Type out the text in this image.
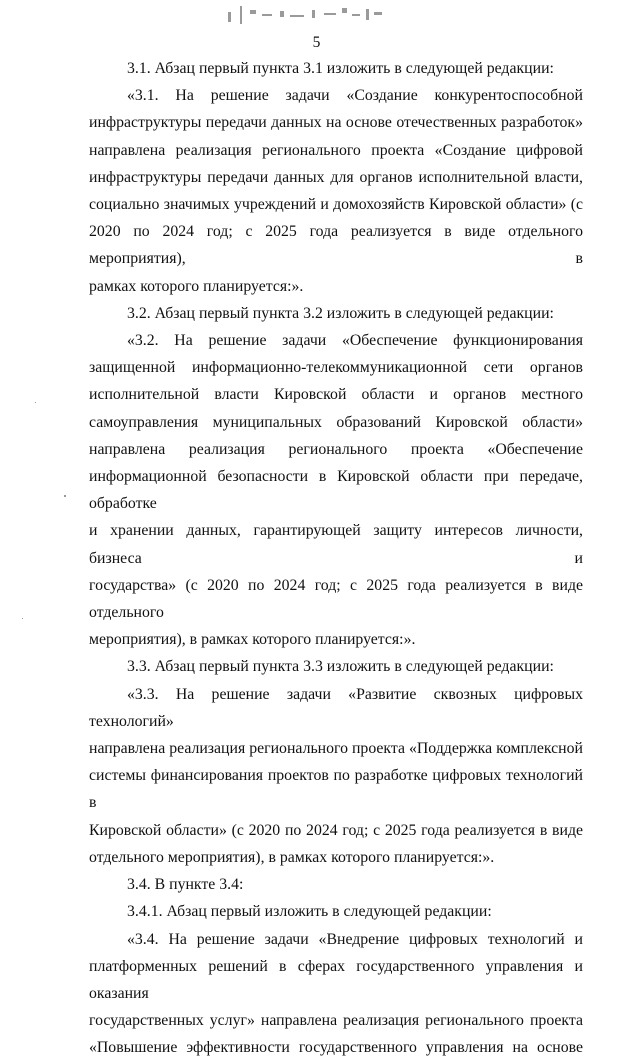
5
3.1. Абзац первый пункта 3.1 изложить в следующей редакции:
«3.1. На решение задачи «Создание конкурентоспособной
инфраструктуры передачи данных на основе отечественных разработок»
направлена реализация регионального проекта «Создание цифровой
инфраструктуры передачи данных для органов исполнительной власти,
социально значимых учреждений и домохозяйств Кировской области» (с
2020 по 2024 год; с 2025 года реализуется в виде отдельного мероприятия), в
рамках которого планируется:».
3.2. Абзац первый пункта 3.2 изложить в следующей редакции:
«3.2. На решение задачи «Обеспечение функционирования
защищенной информационно-телекоммуникационной сети органов
исполнительной власти Кировской области и органов местного
самоуправления муниципальных образований Кировской области»
направлена реализация регионального проекта «Обеспечение
информационной безопасности в Кировской области при передаче, обработке
и хранении данных, гарантирующей защиту интересов личности, бизнеса и
государства» (с 2020 по 2024 год; с 2025 года реализуется в виде отдельного
мероприятия), в рамках которого планируется:».
3.3. Абзац первый пункта 3.3 изложить в следующей редакции:
«3.3. На решение задачи «Развитие сквозных цифровых технологий»
направлена реализация регионального проекта «Поддержка комплексной
системы финансирования проектов по разработке цифровых технологий в
Кировской области» (с 2020 по 2024 год; с 2025 года реализуется в виде
отдельного мероприятия), в рамках которого планируется:».
3.4. В пункте 3.4:
3.4.1. Абзац первый изложить в следующей редакции:
«3.4. На решение задачи «Внедрение цифровых технологий и
платформенных решений в сферах государственного управления и оказания
государственных услуг» направлена реализация регионального проекта
«Повышение эффективности государственного управления на основе
